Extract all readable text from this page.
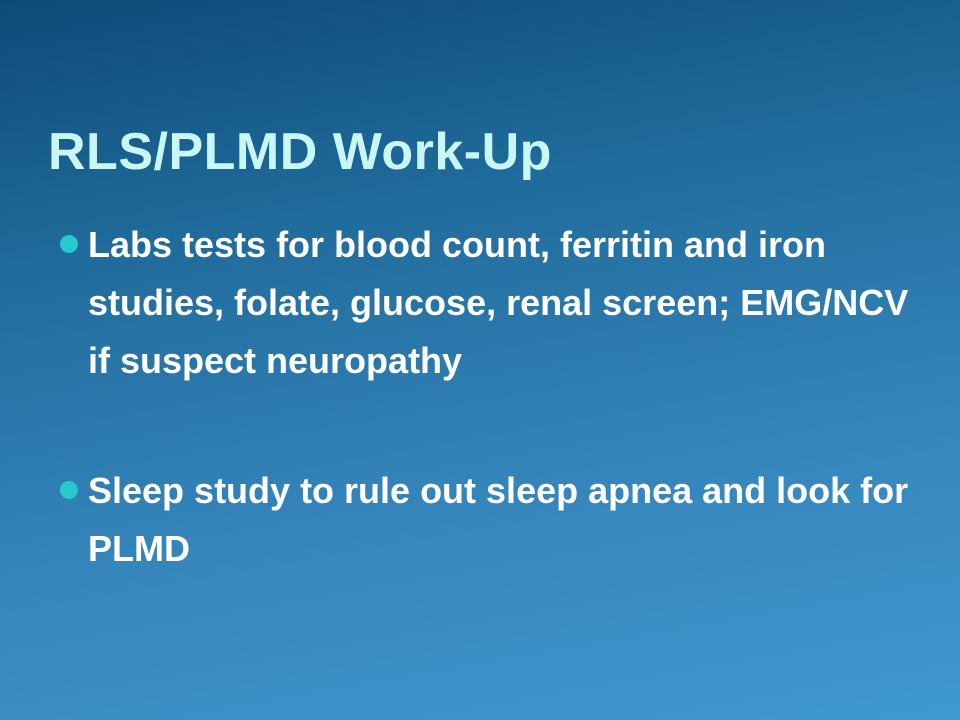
RLS/PLMD Work-Up
Labs tests for blood count, ferritin and iron studies, folate, glucose, renal screen; EMG/NCV if suspect neuropathy
Sleep study to rule out sleep apnea and look for PLMD
